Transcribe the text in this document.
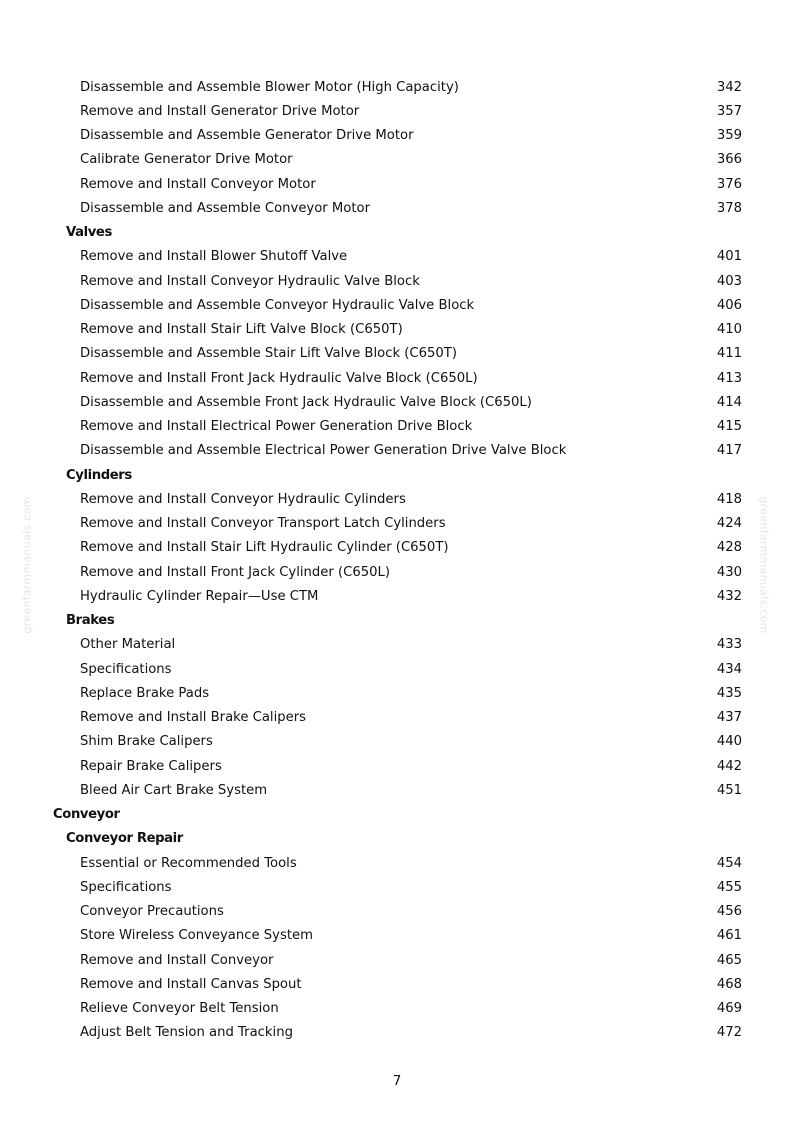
Disassemble and Assemble Blower Motor (High Capacity)	342
Remove and Install Generator Drive Motor	357
Disassemble and Assemble Generator Drive Motor	359
Calibrate Generator Drive Motor	366
Remove and Install Conveyor Motor	376
Disassemble and Assemble Conveyor Motor	378
Valves
Remove and Install Blower Shutoff Valve	401
Remove and Install Conveyor Hydraulic Valve Block	403
Disassemble and Assemble Conveyor Hydraulic Valve Block	406
Remove and Install Stair Lift Valve Block (C650T)	410
Disassemble and Assemble Stair Lift Valve Block (C650T)	411
Remove and Install Front Jack Hydraulic Valve Block (C650L)	413
Disassemble and Assemble Front Jack Hydraulic Valve Block (C650L)	414
Remove and Install Electrical Power Generation Drive Block	415
Disassemble and Assemble Electrical Power Generation Drive Valve Block	417
Cylinders
Remove and Install Conveyor Hydraulic Cylinders	418
Remove and Install Conveyor Transport Latch Cylinders	424
Remove and Install Stair Lift Hydraulic Cylinder (C650T)	428
Remove and Install Front Jack Cylinder (C650L)	430
Hydraulic Cylinder Repair—Use CTM	432
Brakes
Other Material	433
Specifications	434
Replace Brake Pads	435
Remove and Install Brake Calipers	437
Shim Brake Calipers	440
Repair Brake Calipers	442
Bleed Air Cart Brake System	451
Conveyor
Conveyor Repair
Essential or Recommended Tools	454
Specifications	455
Conveyor Precautions	456
Store Wireless Conveyance System	461
Remove and Install Conveyor	465
Remove and Install Canvas Spout	468
Relieve Conveyor Belt Tension	469
Adjust Belt Tension and Tracking	472
7
greenfarmmanuals.com	greenfarmmanuals.com
